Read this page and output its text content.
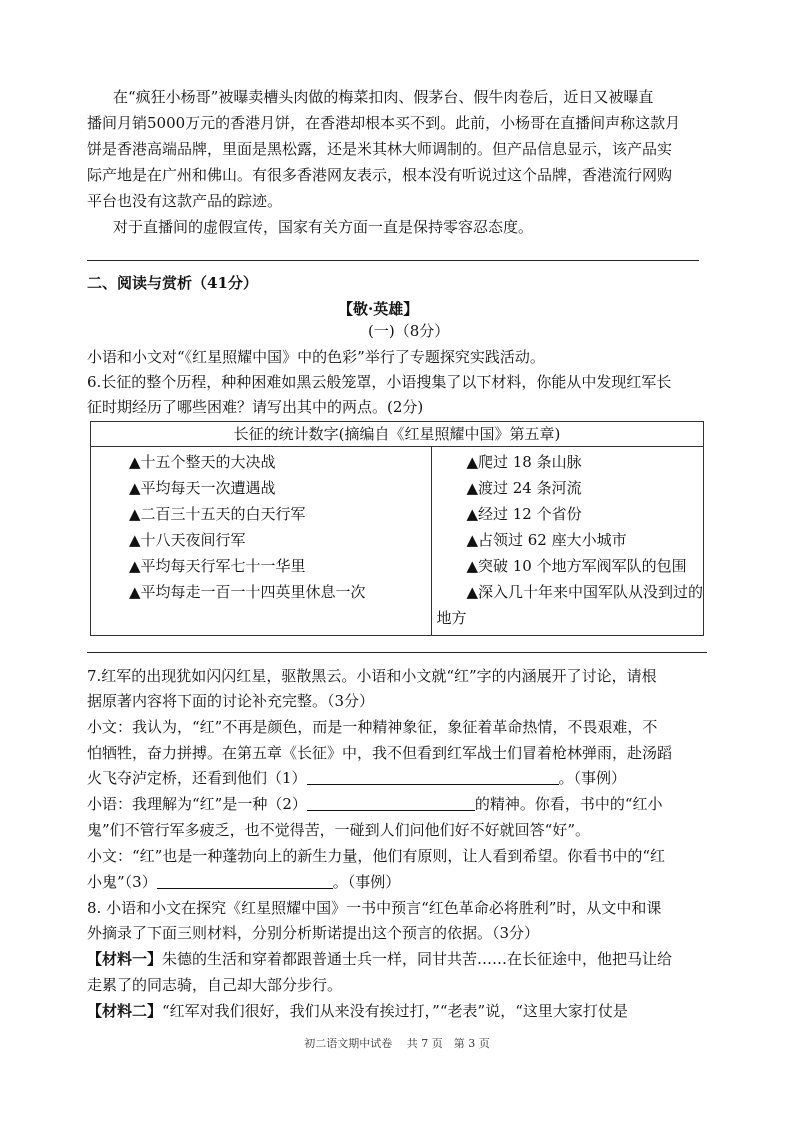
在“疯狂小杨哥”被曝卖槽头肉做的梅菜扣肉、假茅台、假牛肉卷后，近日又被曝直
播间月销5000万元的香港月饼，在香港却根本买不到。此前，小杨哥在直播间声称这款月
饼是香港高端品牌，里面是黑松露，还是米其林大师调制的。但产品信息显示，该产品实
际产地是在广州和佛山。有很多香港网友表示，根本没有听说过这个品牌，香港流行网购
平台也没有这款产品的踪迹。
对于直播间的虚假宣传，国家有关方面一直是保持零容忍态度。
二、阅读与赏析（41分）
【敬·英雄】
(一)（8分）
小语和小文对“《红星照耀中国》中的色彩”举行了专题探究实践活动。
6.长征的整个历程，种种困难如黑云般笼罩，小语搜集了以下材料，你能从中发现红军长
征时期经历了哪些困难？请写出其中的两点。(2分)
长征的统计数字(摘编自《红星照耀中国》第五章)

▲十五个整天的大决战
▲平均每天一次遭遇战
▲二百三十五天的白天行军
▲十八天夜间行军
▲平均每天行军七十一华里
▲平均每走一百一十四英里休息一次

▲爬过 18 条山脉
▲渡过 24 条河流
▲经过 12 个省份
▲占领过 62 座大小城市
▲突破 10 个地方军阀军队的包围
▲深入几十年来中国军队从没到过的
地方
7.红军的出现犹如闪闪红星，驱散黑云。小语和小文就“红”字的内涵展开了讨论，请根
据原著内容将下面的讨论补充完整。（3分）
小文：我认为，“红”不再是颜色，而是一种精神象征，象征着革命热情，不畏艰难，不
怕牺牲，奋力拼搏。在第五章《长征》中，我不但看到红军战士们冒着枪林弹雨，赴汤蹈
火飞夺泸定桥，还看到他们（1）	。（事例）
小语：我理解为“红”是一种（2）	的精神。你看，书中的“红小
鬼”们不管行军多疲乏，也不觉得苦，一碰到人们问他们好不好就回答“好”。
小文：“红”也是一种蓬勃向上的新生力量，他们有原则，让人看到希望。你看书中的“红
小鬼”（3）	。（事例）
8. 小语和小文在探究《红星照耀中国》一书中预言“红色革命必将胜利”时，从文中和课
外摘录了下面三则材料，分别分析斯诺提出这个预言的依据。（3分）
【材料一】朱德的生活和穿着都跟普通士兵一样，同甘共苦……在长征途中，他把马让给
走累了的同志骑，自己却大部分步行。
【材料二】“红军对我们很好，我们从来没有挨过打，”“老表”说，“这里大家打仗是
初二语文期中试卷　 共 7 页　第 3 页
